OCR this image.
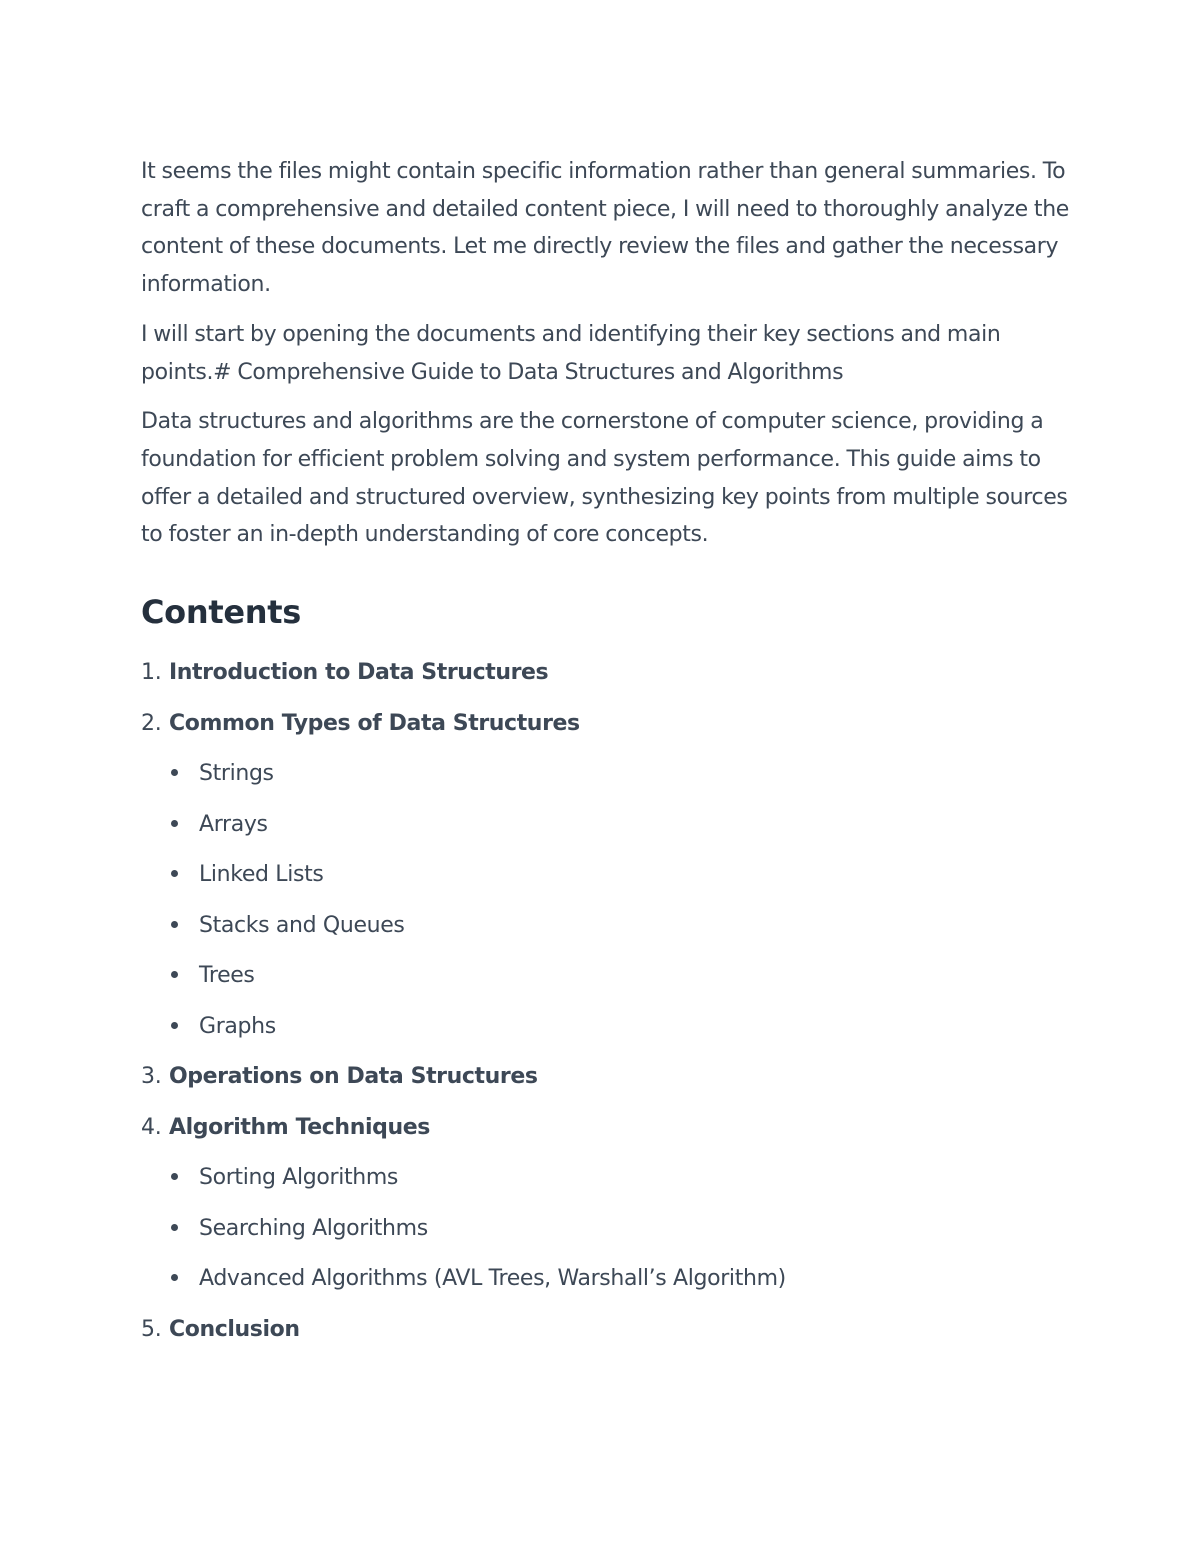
It seems the files might contain specific information rather than general summaries. To craft a comprehensive and detailed content piece, I will need to thoroughly analyze the content of these documents. Let me directly review the files and gather the necessary information.

I will start by opening the documents and identifying their key sections and main points.# Comprehensive Guide to Data Structures and Algorithms

Data structures and algorithms are the cornerstone of computer science, providing a foundation for efficient problem solving and system performance. This guide aims to offer a detailed and structured overview, synthesizing key points from multiple sources to foster an in-depth understanding of core concepts.

Contents
1. Introduction to Data Structures
2. Common Types of Data Structures
Strings
Arrays
Linked Lists
Stacks and Queues
Trees
Graphs
3. Operations on Data Structures
4. Algorithm Techniques
Sorting Algorithms
Searching Algorithms
Advanced Algorithms (AVL Trees, Warshall’s Algorithm)
5. Conclusion
